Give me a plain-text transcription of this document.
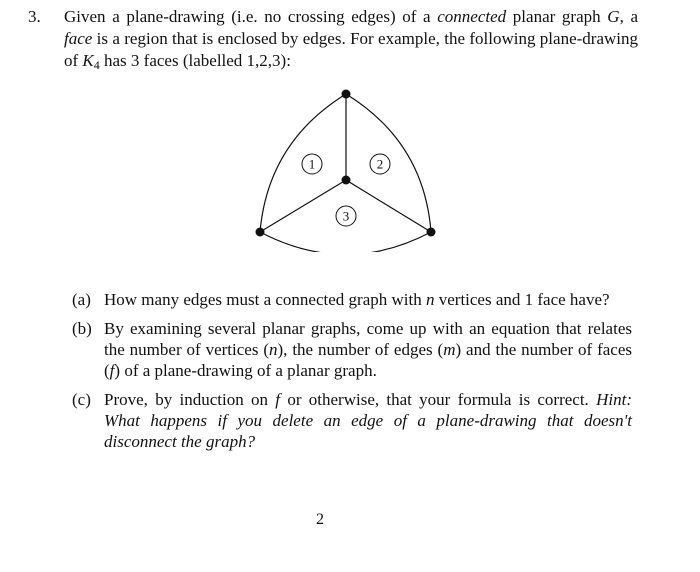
3. Given a plane-drawing (i.e. no crossing edges) of a connected planar graph G, a face is a region that is enclosed by edges. For example, the following plane-drawing of $K_4$ has 3 faces (labelled 1,2,3):

1	2
3
(a) How many edges must a connected graph with n vertices and 1 face have?
(b) By examining several planar graphs, come up with an equation that relates the number of vertices (n), the number of edges (m) and the number of faces (f) of a plane-drawing of a planar graph.
(c) Prove, by induction on f or otherwise, that your formula is correct. Hint: What happens if you delete an edge of a plane-drawing that doesn't disconnect the graph?
2
